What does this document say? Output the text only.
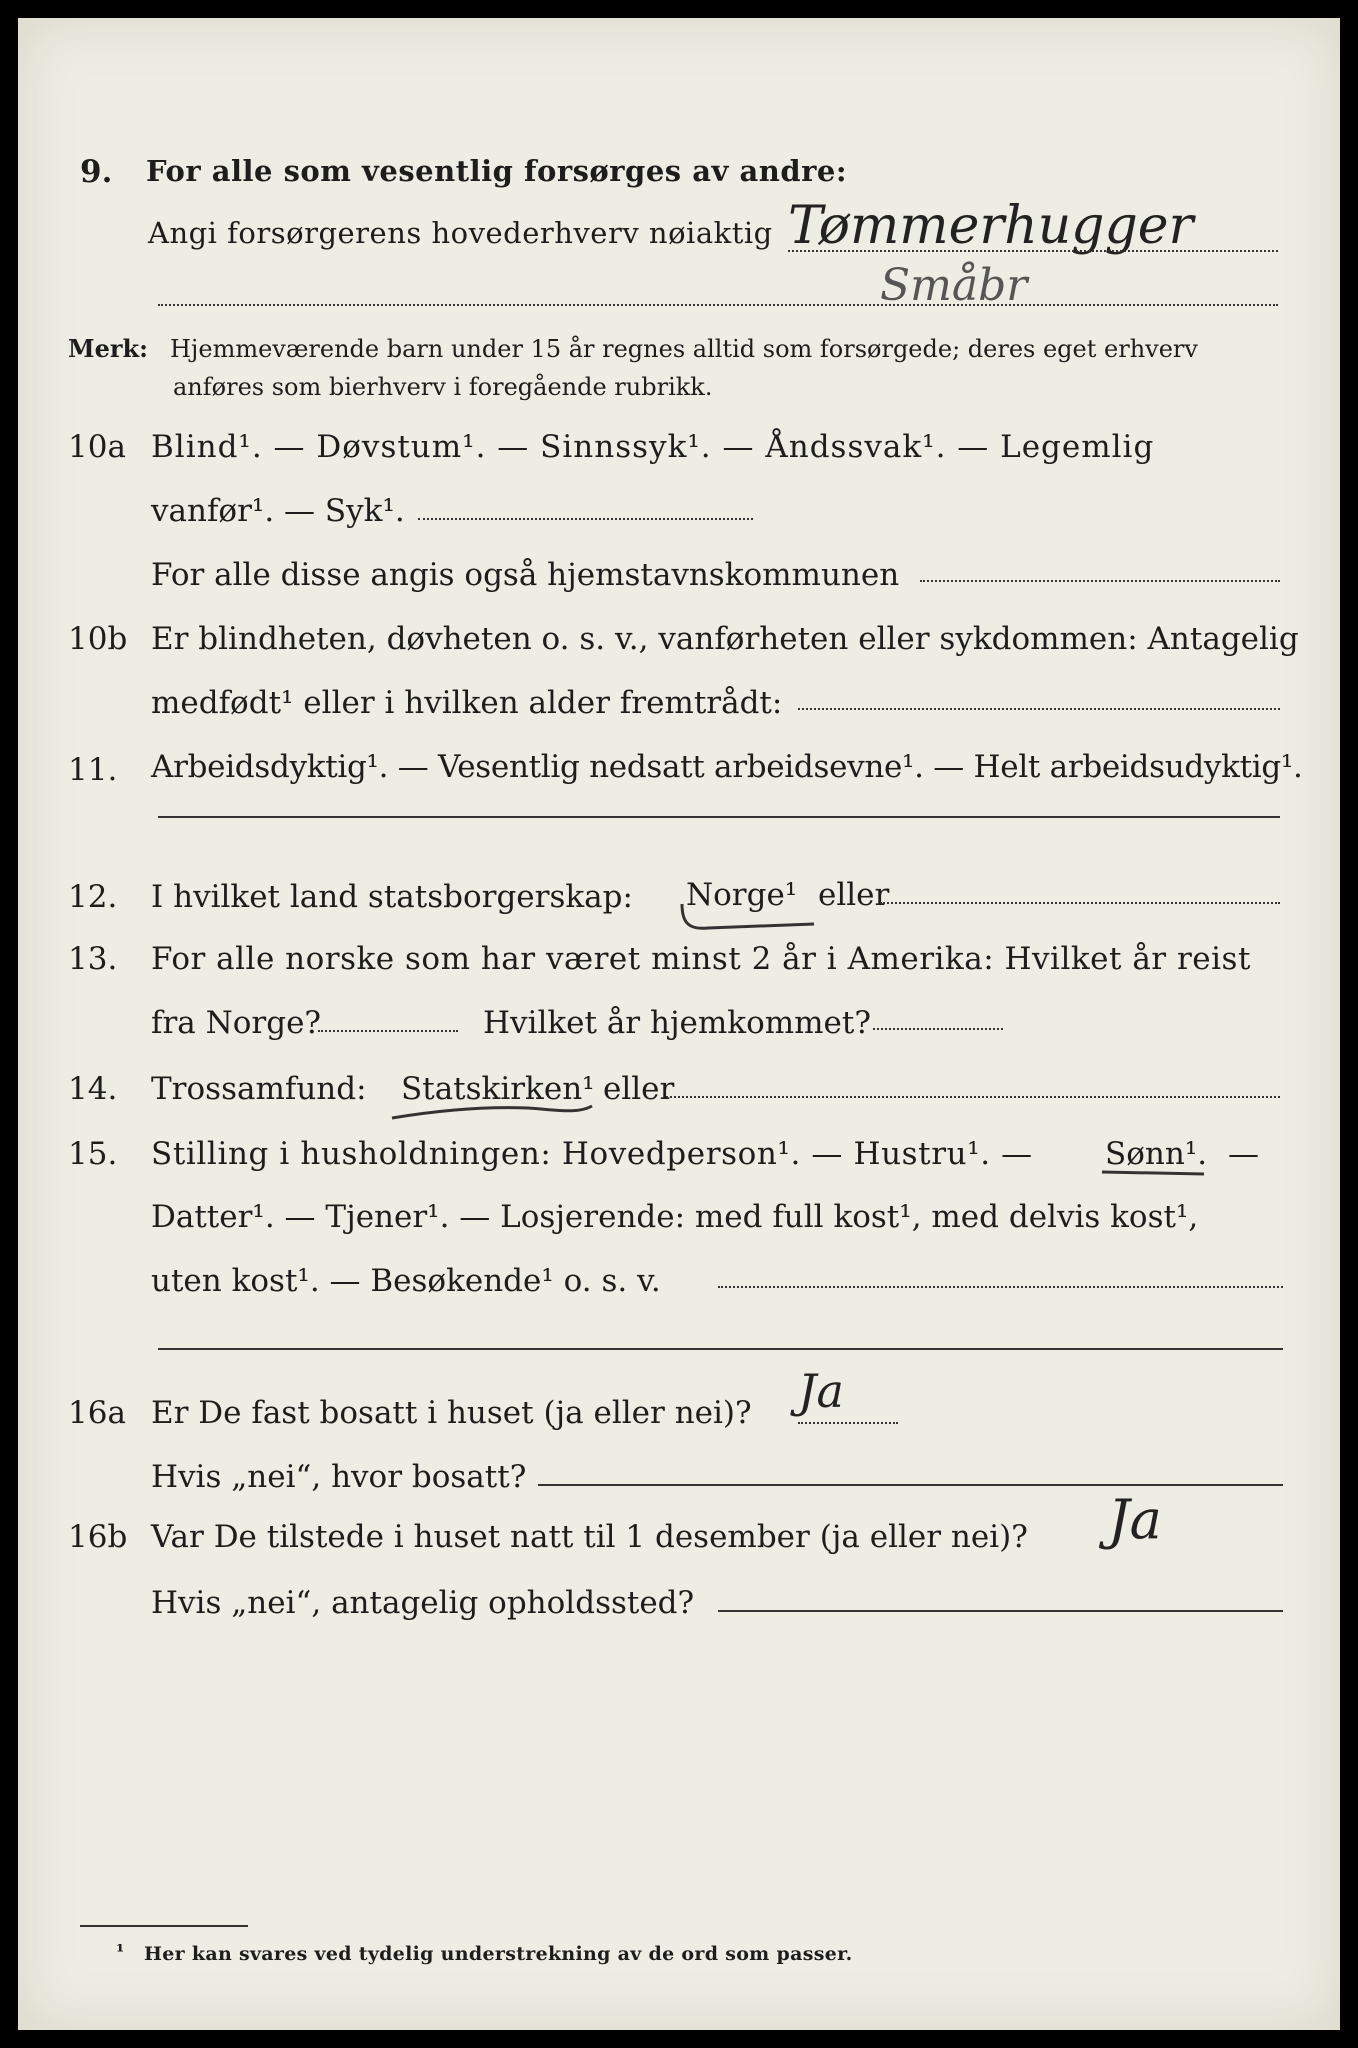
9. For alle som vesentlig forsørges av andre:
Angi forsørgerens hovederhverv nøiaktig Tømmerhugger
Småbr
Merk: Hjemmeværende barn under 15 år regnes alltid som forsørgede; deres eget erhverv
anføres som bierhverv i foregående rubrikk.
10a Blind¹. — Døvstum¹. — Sinnssyk¹. — Åndssvak¹. — Legemlig
vanfør¹. — Syk¹.
For alle disse angis også hjemstavnskommunen
10b Er blindheten, døvheten o. s. v., vanførheten eller sykdommen: Antagelig
medfødt¹ eller i hvilken alder fremtrådt:
11. Arbeidsdyktig¹. — Vesentlig nedsatt arbeidsevne¹. — Helt arbeidsudyktig¹.
12. I hvilket land statsborgerskap: Norge¹ eller
13. For alle norske som har været minst 2 år i Amerika: Hvilket år reist
fra Norge?	Hvilket år hjemkommet?
14. Trossamfund: Statskirken¹ eller
15. Stilling i husholdningen: Hovedperson¹. — Hustru¹. — Sønn¹. —
Datter¹. — Tjener¹. — Losjerende: med full kost¹, med delvis kost¹,
uten kost¹. — Besøkende¹ o. s. v.
16a Er De fast bosatt i huset (ja eller nei)? Ja
Hvis „nei“, hvor bosatt?
16b Var De tilstede i huset natt til 1 desember (ja eller nei)? Ja
Hvis „nei“, antagelig opholdssted?
¹ Her kan svares ved tydelig understrekning av de ord som passer.
